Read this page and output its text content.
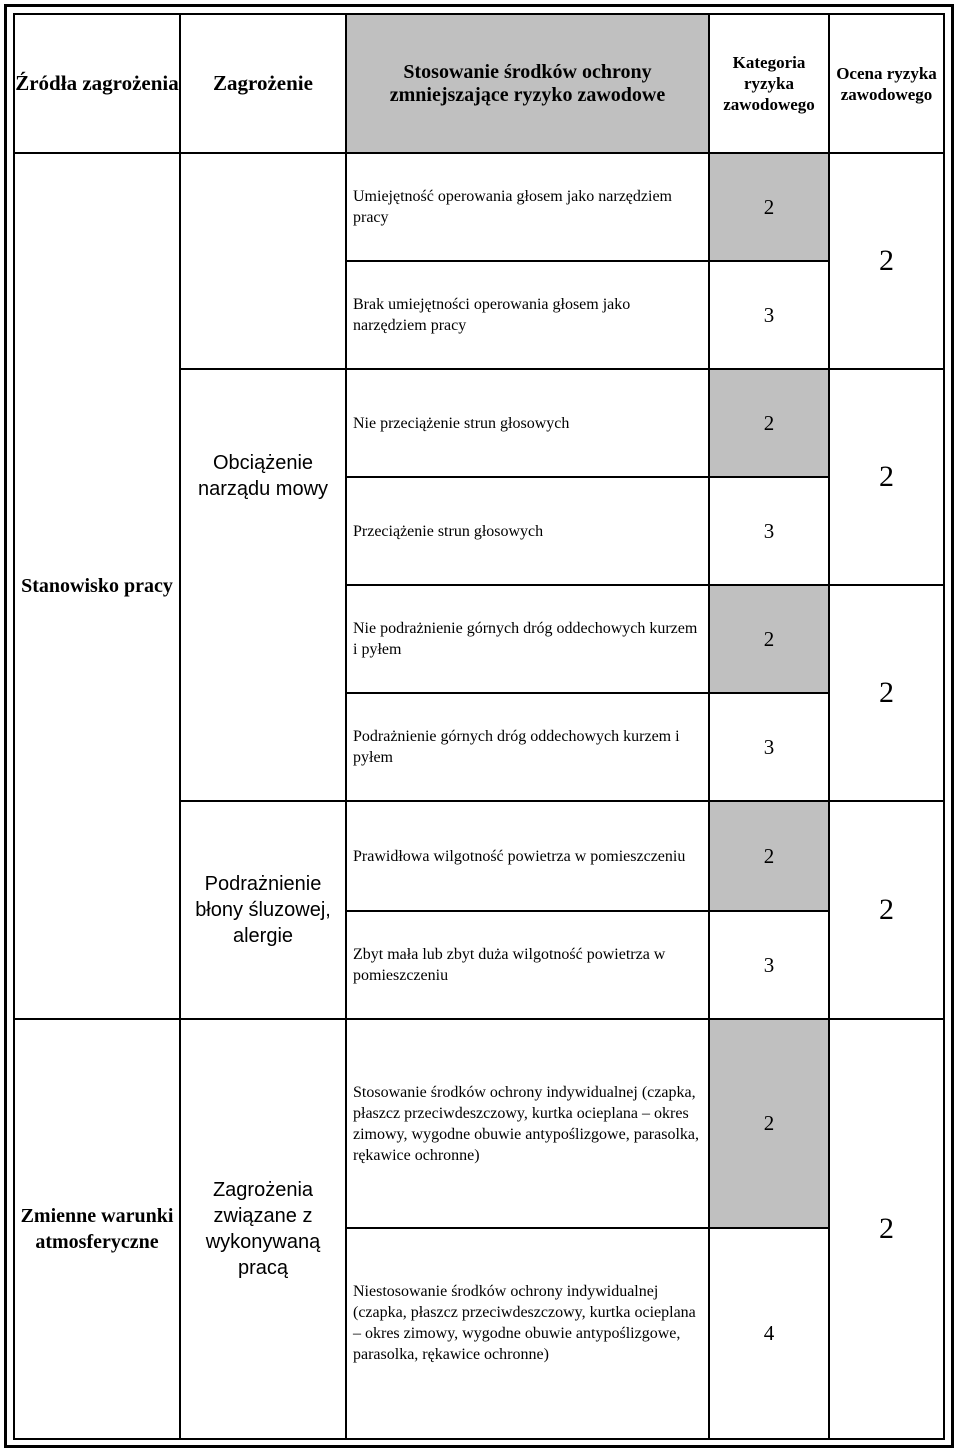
Źródła zagrożenia Zagrożenie	Stosowanie środków ochrony zmniejszające ryzyko zawodowe
Kategoria ryzyka zawodowego
Ocena ryzyka zawodowego
Stanowisko pracy
Zmienne warunki atmosferyczne
Obciążenie narządu mowy
Podrażnienie błony śluzowej, alergie
Zagrożenia związane z wykonywaną pracą
Umiejętność operowania głosem jako narzędziem pracy
Brak umiejętności operowania głosem jako narzędziem pracy
Nie przeciążenie strun głosowych
Przeciążenie strun głosowych
Nie podrażnienie górnych dróg oddechowych kurzem i pyłem
Podrażnienie górnych dróg oddechowych kurzem i pyłem
Prawidłowa wilgotność powietrza w pomieszczeniu
Zbyt mała lub zbyt duża wilgotność powietrza w pomieszczeniu
Stosowanie środków ochrony indywidualnej (czapka, płaszcz przeciwdeszczowy, kurtka ocieplana – okres zimowy, wygodne obuwie antypoślizgowe, parasolka, rękawice ochronne)
Niestosowanie środków ochrony indywidualnej (czapka, płaszcz przeciwdeszczowy, kurtka ocieplana – okres zimowy, wygodne obuwie antypoślizgowe, parasolka, rękawice ochronne)
2
3
2
3
2
3
2
3
2
4
2
2
2
2
2
